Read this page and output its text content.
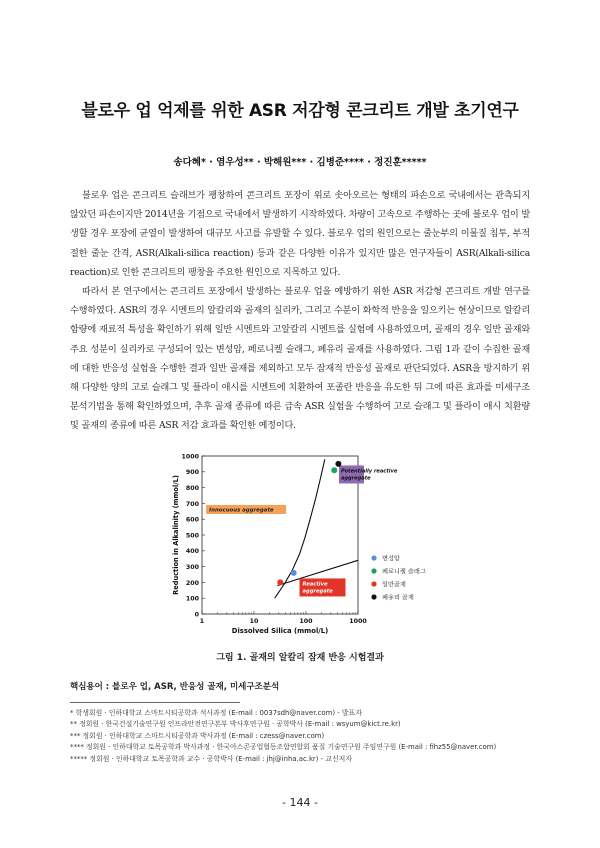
블로우 업 억제를 위한 ASR 저감형 콘크리트 개발 초기연구
송다혜* · 염우성** · 박해원*** · 김병준**** · 정진훈*****

블로우 업은 콘크리트 슬래브가 팽창하여 콘크리트 포장이 위로 솟아오르는 형태의 파손으로 국내에서는 관측되지 않았던 파손이지만 2014년을 기점으로 국내에서 발생하기 시작하였다. 차량이 고속으로 주행하는 곳에 블로우 업이 발생할 경우 포장에 균열이 발생하여 대규모 사고를 유발할 수 있다. 블로우 업의 원인으로는 줄눈부의 이물질 침투, 부적절한 줄눈 간격, ASR(Alkali-silica reaction) 등과 같은 다양한 이유가 있지만 많은 연구자들이 ASR(Alkali-silica reaction)로 인한 콘크리트의 팽창을 주요한 원인으로 지목하고 있다.

따라서 본 연구에서는 콘크리트 포장에서 발생하는 블로우 업을 예방하기 위한 ASR 저감형 콘크리트 개발 연구를 수행하였다. ASR의 경우 시멘트의 알칼리와 골재의 실리카, 그리고 수분이 화학적 반응을 일으키는 현상이므로 알칼리 함량에 재료적 특성을 확인하기 위해 일반 시멘트와 고알칼리 시멘트를 실험에 사용하였으며, 골재의 경우 일반 골재와 주요 성분이 실리카로 구성되어 있는 변성암, 페로니켈 슬래그, 폐유리 골재를 사용하였다. 그림 1과 같이 수집한 골재에 대한 반응성 실험을 수행한 결과 일반 골재를 제외하고 모두 잠재적 반응성 골재로 판단되었다. ASR을 방지하기 위해 다양한 양의 고로 슬래그 및 플라이 애시를 시멘트에 치환하여 포졸란 반응을 유도한 뒤 그에 따른 효과를 미세구조분석기법을 통해 확인하였으며, 추후 골재 종류에 따른 급속 ASR 실험을 수행하여 고로 슬래그 및 플라이 애시 치환량 및 골재의 종류에 따른 ASR 저감 효과를 확인한 예정이다.

0
100
200
300
400
500
600
700
800
900
1000
1	10	100	1000
Dissolved Silica (mmol/L)
Reduction in Alkalinity (mmol/L)	Innocuous aggregate
Potentially reactive
aggregate
Reactive
aggregate
변성암
페로니켈 슬래그
일반골재
폐유리 골재
그림 1. 골재의 알칼리 잠재 반응 시험결과
핵심용어 : 블로우 업, ASR, 반응성 골재, 미세구조분석
* 학생회원 · 인하대학교 스마트시티공학과 석사과정 (E-mail : 0037sdh@naver.com) - 발표자
** 정회원 · 한국건설기술연구원 인프라안전연구본부 박사후연구원 · 공학박사 (E-mail : wsyum@kict.re.kr)
*** 정회원 · 인하대학교 스마트시티공학과 박사과정 (E-mail : czess@naver.com)
**** 정회원 · 인하대학교 토목공학과 박사과정 · 한국아스콘공업협동조합연합회 품질 기술연구원 주임연구원 (E-mail : fihz55@naver.com)
***** 정회원 · 인하대학교 토목공학과 교수 · 공학박사 (E-mail : jhj@inha.ac.kr) - 교신저자
- 144 -
